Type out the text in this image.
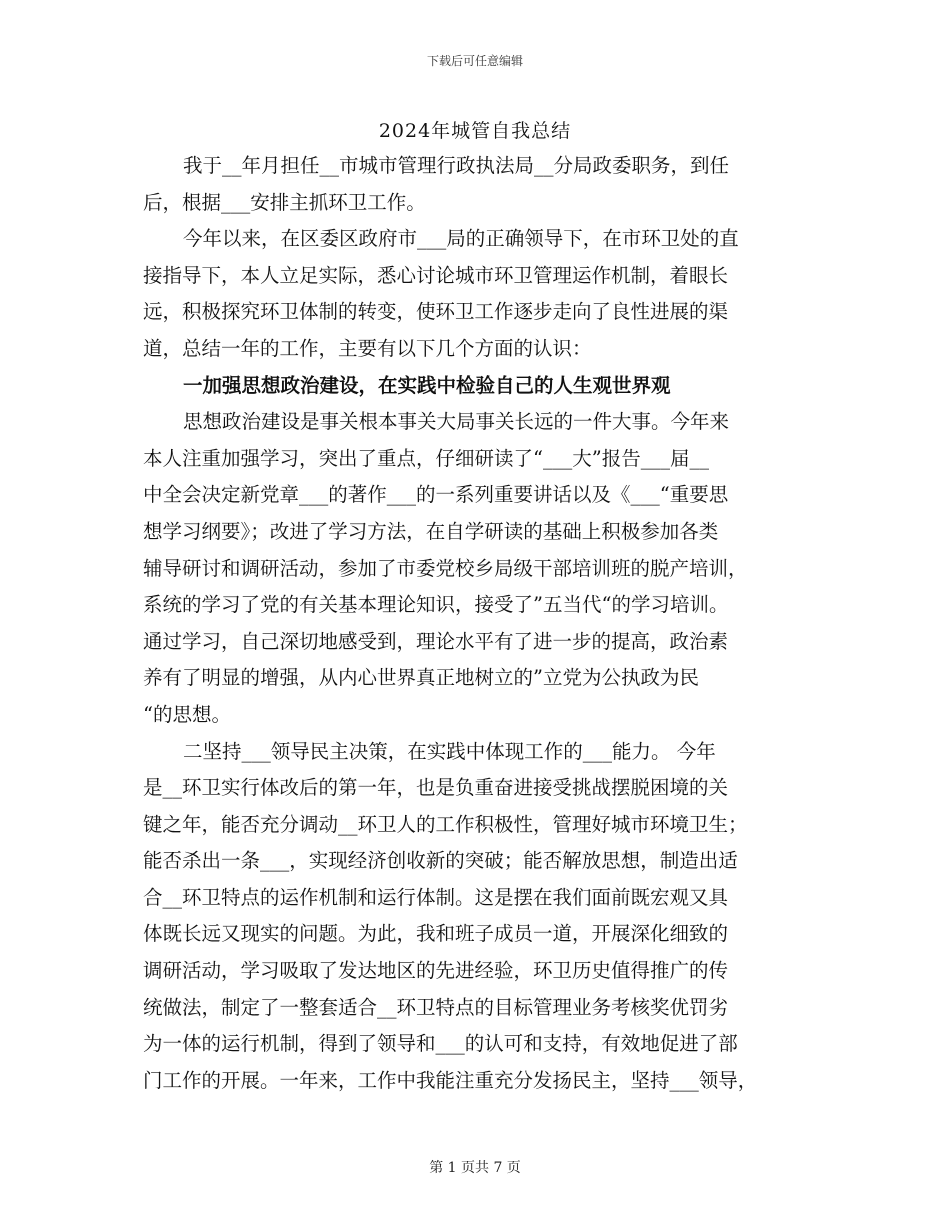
下载后可任意编辑
2024年城管自我总结
我于__年月担任__市城市管理行政执法局__分局政委职务，到任
后，根据___安排主抓环卫工作。
今年以来，在区委区政府市___局的正确领导下，在市环卫处的直
接指导下，本人立足实际，悉心讨论城市环卫管理运作机制，着眼长
远，积极探究环卫体制的转变，使环卫工作逐步走向了良性进展的渠
道，总结一年的工作，主要有以下几个方面的认识：
一加强思想政治建设，在实践中检验自己的人生观世界观
思想政治建设是事关根本事关大局事关长远的一件大事。今年来
本人注重加强学习，突出了重点，仔细研读了“___大”报告___届__
中全会决定新党章___的著作___的一系列重要讲话以及《___“重要思
想学习纲要》；改进了学习方法，在自学研读的基础上积极参加各类
辅导研讨和调研活动，参加了市委党校乡局级干部培训班的脱产培训，
系统的学习了党的有关基本理论知识，接受了”五当代“的学习培训。
通过学习，自己深切地感受到，理论水平有了进一步的提高，政治素
养有了明显的增强，从内心世界真正地树立的”立党为公执政为民
“的思想。
二坚持___领导民主决策，在实践中体现工作的___能力。 今年
是__环卫实行体改后的第一年，也是负重奋进接受挑战摆脱困境的关
键之年，能否充分调动__环卫人的工作积极性，管理好城市环境卫生；
能否杀出一条___，实现经济创收新的突破；能否解放思想，制造出适
合__环卫特点的运作机制和运行体制。这是摆在我们面前既宏观又具
体既长远又现实的问题。为此，我和班子成员一道，开展深化细致的
调研活动，学习吸取了发达地区的先进经验，环卫历史值得推广的传
统做法，制定了一整套适合__环卫特点的目标管理业务考核奖优罚劣
为一体的运行机制，得到了领导和___的认可和支持，有效地促进了部
门工作的开展。一年来，工作中我能注重充分发扬民主，坚持___领导，
第 1 页共 7 页
